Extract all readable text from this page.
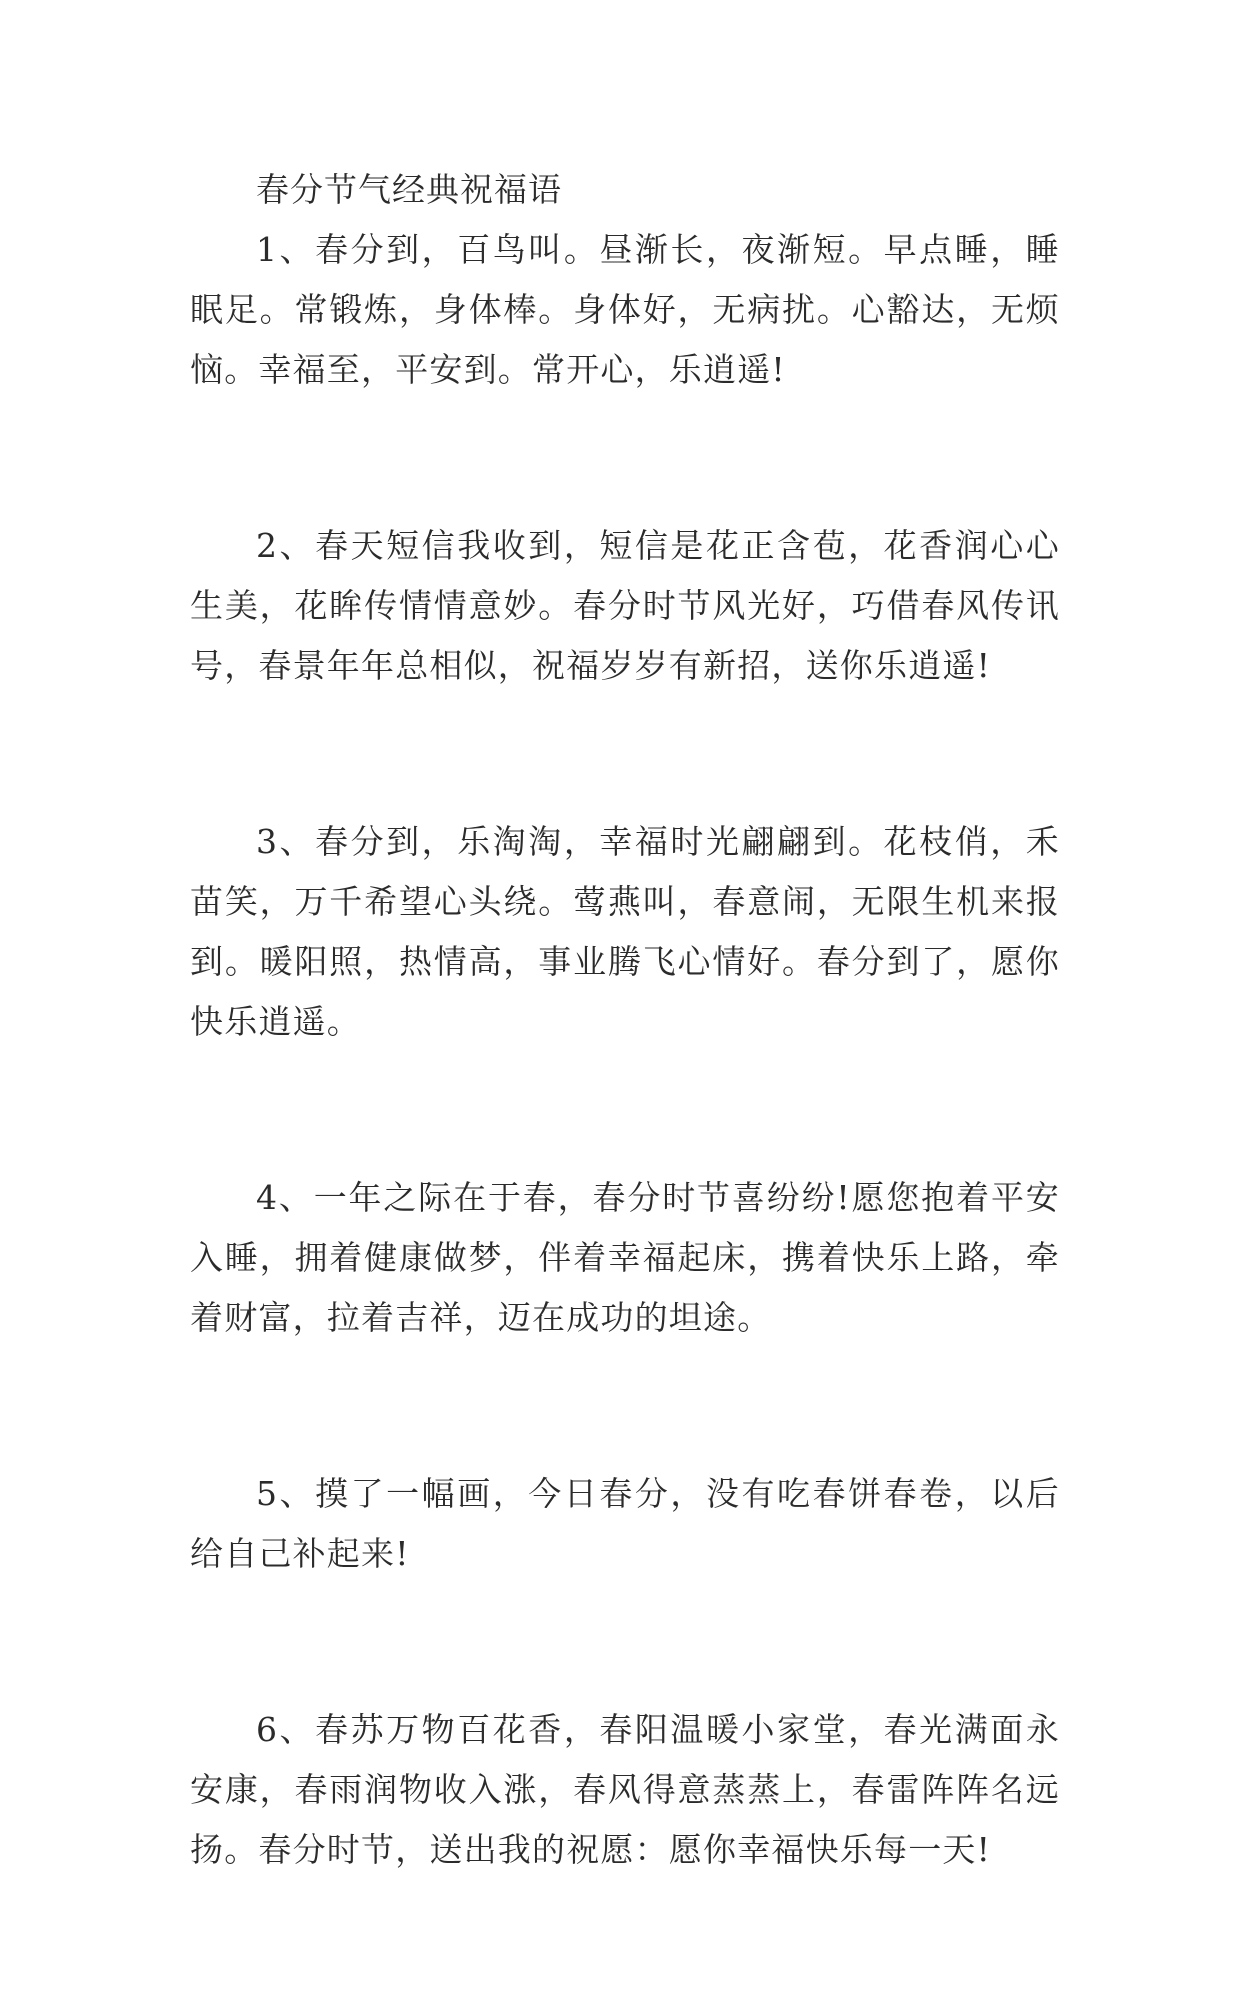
春分节气经典祝福语

1、春分到，百鸟叫。昼渐长，夜渐短。早点睡，睡眠足。常锻炼，身体棒。身体好，无病扰。心豁达，无烦恼。幸福至，平安到。常开心，乐逍遥!

2、春天短信我收到，短信是花正含苞，花香润心心生美，花眸传情情意妙。春分时节风光好，巧借春风传讯号，春景年年总相似，祝福岁岁有新招，送你乐逍遥!

3、春分到，乐淘淘，幸福时光翩翩到。花枝俏，禾苗笑，万千希望心头绕。莺燕叫，春意闹，无限生机来报到。暖阳照，热情高，事业腾飞心情好。春分到了，愿你快乐逍遥。

4、一年之际在于春，春分时节喜纷纷!愿您抱着平安入睡，拥着健康做梦，伴着幸福起床，携着快乐上路，牵着财富，拉着吉祥，迈在成功的坦途。

5、摸了一幅画，今日春分，没有吃春饼春卷，以后给自己补起来!

6、春苏万物百花香，春阳温暖小家堂，春光满面永安康，春雨润物收入涨，春风得意蒸蒸上，春雷阵阵名远扬。春分时节，送出我的祝愿：愿你幸福快乐每一天!
